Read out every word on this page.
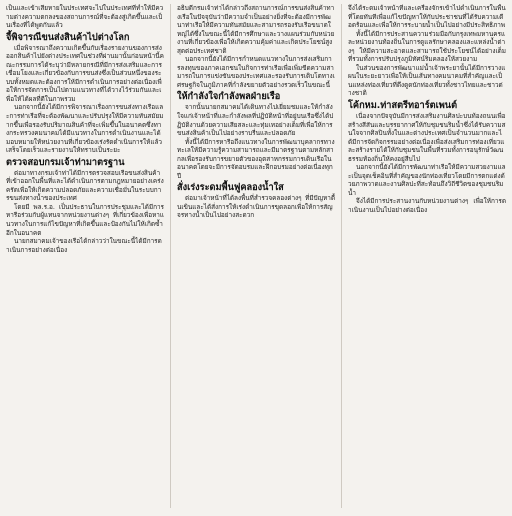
เป็นและเข้าเสียหายในประเทศจะไปในประเทศที่ทำให้มีความต่างความตกลงของสถานการณ์ที่จะต้องสู่เกิดขึ้นและเป็นเรื่องที่ได้พูดกันแล้ว

จี้พิจารณีขนส่งสินค้าไปต่างโลก

เมื่อพิจารณาถึงความเกิดขึ้นกับเรื่องรายงานของการส่งออกสินค้าไปยังต่างประเทศในช่วงที่ผ่านมานั้นก่อนหน้านี้คณะกรรมการได้ระบุว่ามีหลายกรณีที่มีการส่งเสริมและการเชื่อมโยงและเกี่ยวข้องกับการขนส่งซึ่งเป็นส่วนหนึ่งของระบบทั้งหมดและต้องการให้มีการดำเนินการอย่างต่อเนื่องเพื่อให้การจัดการเป็นไปตามแนวทางที่ได้วางไว้ร่วมกันและเพื่อให้ได้ผลที่ดีในภาพรวม

นอกจากนี้ยังได้มีการพิจารณาเรื่องการขนส่งทางเรือและการท่าเรือที่จะต้องพัฒนาและปรับปรุงให้มีความทันสมัยมากขึ้นเพื่อรองรับปริมาณสินค้าที่จะเพิ่มขึ้นในอนาคตซึ่งทางกระทรวงคมนาคมได้มีแนวทางในการดำเนินงานและได้มอบหมายให้หน่วยงานที่เกี่ยวข้องเร่งรัดดำเนินการให้แล้วเสร็จโดยเร็วและรายงานให้ทราบเป็นระยะ

ตรวจสอบกรมเจ้าท่ามาตรฐาน

ต่อมาทางกรมเจ้าท่าได้มีการตรวจสอบเรือขนส่งสินค้าที่เข้าออกในพื้นที่และได้ดำเนินการตามกฎหมายอย่างเคร่งครัดเพื่อให้เกิดความปลอดภัยและความเชื่อมั่นในระบบการขนส่งทางน้ำของประเทศ

โดยมี พล.ร.อ. เป็นประธานในการประชุมและได้มีการหารือร่วมกับผู้แทนจากหน่วยงานต่างๆ ที่เกี่ยวข้องเพื่อหาแนวทางในการแก้ไขปัญหาที่เกิดขึ้นและป้องกันไม่ให้เกิดซ้ำอีกในอนาคต

นายกสมาคมเจ้าของเรือได้กล่าวว่าในขณะนี้ได้มีการดำเนินการอย่างต่อเนื่อง

อธิบดีกรมเจ้าท่าได้กล่าวถึงสถานการณ์การขนส่งสินค้าทางเรือในปัจจุบันว่ามีความจำเป็นอย่างยิ่งที่จะต้องมีการพัฒนาท่าเรือให้มีความทันสมัยและสามารถรองรับเรือขนาดใหญ่ได้ซึ่งในขณะนี้ได้มีการศึกษาและวางแผนร่วมกับหน่วยงานที่เกี่ยวข้องเพื่อให้เกิดความคุ้มค่าและเกิดประโยชน์สูงสุดต่อประเทศชาติ

นอกจากนี้ยังได้มีการกำหนดแนวทางในการส่งเสริมการลงทุนของภาคเอกชนในกิจการท่าเรือเพื่อเพิ่มขีดความสามารถในการแข่งขันของประเทศและรองรับการเติบโตทางเศรษฐกิจในภูมิภาคที่กำลังขยายตัวอย่างรวดเร็วในขณะนี้

ให้กำลังใจกำลังพลฝ่ายเรือ

จากนั้นนายกสมาคมได้เดินทางไปเยี่ยมชมและให้กำลังใจแก่เจ้าหน้าที่และกำลังพลที่ปฏิบัติหน้าที่อยู่บนเรือซึ่งได้ปฏิบัติงานด้วยความเสียสละและทุ่มเทอย่างเต็มที่เพื่อให้การขนส่งสินค้าเป็นไปอย่างราบรื่นและปลอดภัย

ทั้งนี้ได้มีการหารือถึงแนวทางในการพัฒนาบุคลากรทางทะเลให้มีความรู้ความสามารถและมีมาตรฐานตามหลักสากลเพื่อรองรับการขยายตัวของอุตสาหกรรมการเดินเรือในอนาคตโดยจะมีการจัดอบรมและฝึกอบรมอย่างต่อเนื่องทุกปี

สั่งเร่งระดมพื้นฟูคลองน้ำใส

ต่อมาเจ้าหน้าที่ได้ลงพื้นที่สำรวจคลองต่างๆ ที่มีปัญหาตื้นเขินและได้สั่งการให้เร่งดำเนินการขุดลอกเพื่อให้การสัญจรทางน้ำเป็นไปอย่างสะดวก

จึงได้ระดมเจ้าหน้าที่และเครื่องจักรเข้าไปดำเนินการในพื้นที่โดยทันทีเพื่อแก้ไขปัญหาให้กับประชาชนที่ได้รับความเดือดร้อนและเพื่อให้การระบายน้ำเป็นไปอย่างมีประสิทธิภาพ

ทั้งนี้ได้มีการประสานความร่วมมือกับกรุงเทพมหานครและหน่วยงานท้องถิ่นในการดูแลรักษาคลองและแหล่งน้ำต่างๆ ให้มีความสะอาดและสามารถใช้ประโยชน์ได้อย่างเต็มที่รวมทั้งการปรับปรุงภูมิทัศน์ริมคลองให้สวยงาม

ในส่วนของการพัฒนาแม่น้ำเจ้าพระยานั้นได้มีการวางแผนในระยะยาวเพื่อให้เป็นเส้นทางคมนาคมที่สำคัญและเป็นแหล่งท่องเที่ยวที่ดึงดูดนักท่องเที่ยวทั้งชาวไทยและชาวต่างชาติ

โค้กหม.ท่าสตรีทอาร์ตเพนต์

เนื่องจากปัจจุบันมีการส่งเสริมงานศิลปะบนท้องถนนเพื่อสร้างสีสันและบรรยากาศให้กับชุมชนริมน้ำซึ่งได้รับความสนใจจากศิลปินทั้งในและต่างประเทศเป็นจำนวนมากและได้มีการจัดกิจกรรมอย่างต่อเนื่องเพื่อส่งเสริมการท่องเที่ยวและสร้างรายได้ให้กับชุมชนในพื้นที่รวมทั้งการอนุรักษ์วัฒนธรรมท้องถิ่นให้คงอยู่สืบไป

นอกจากนี้ยังได้มีการพัฒนาท่าเรือให้มีความสวยงามและเป็นจุดเช็คอินที่สำคัญของนักท่องเที่ยวโดยมีการตกแต่งด้วยภาพวาดและงานศิลปะที่สะท้อนถึงวิถีชีวิตของชุมชนริมน้ำ

จึงได้มีการประสานงานกับหน่วยงานต่างๆ เพื่อให้การดำเนินงานเป็นไปอย่างต่อเนื่อง
